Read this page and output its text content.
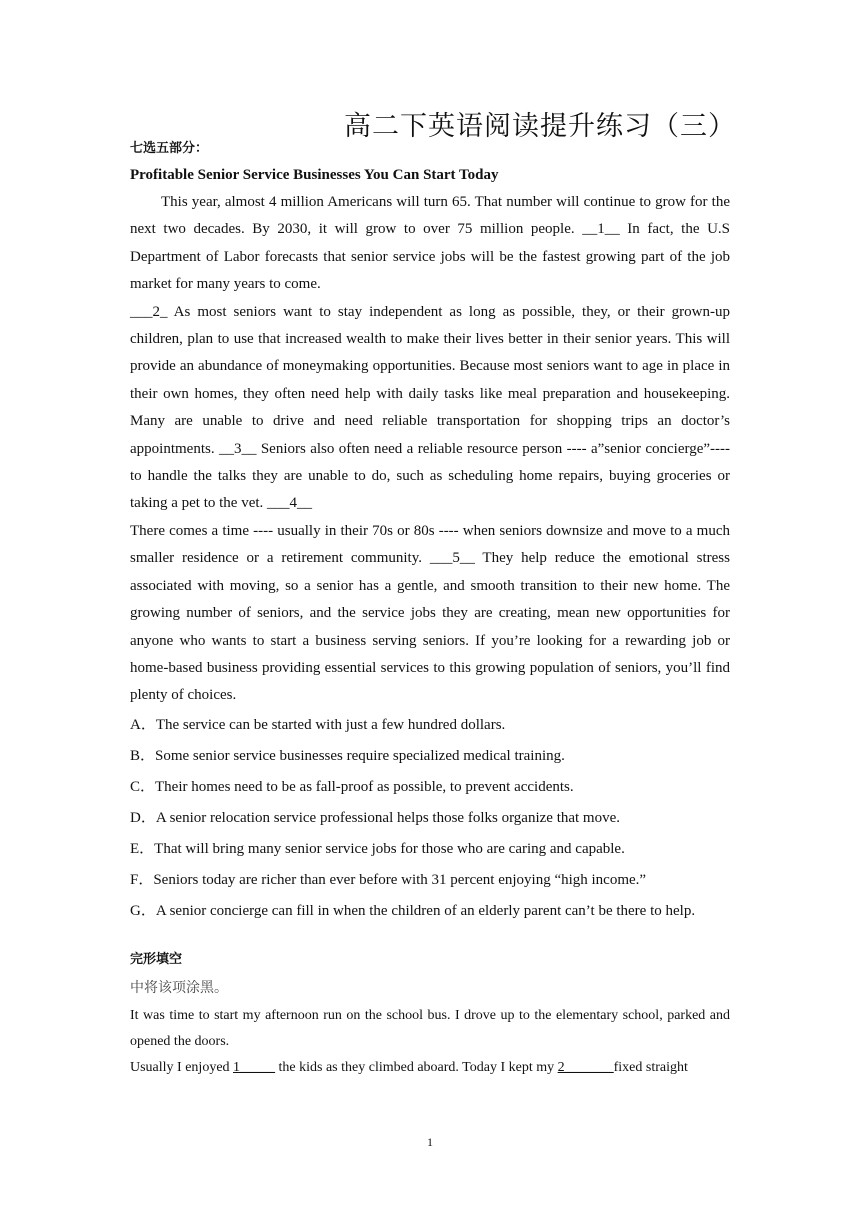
高二下英语阅读提升练习（三）

七选五部分：

Profitable Senior Service Businesses You Can Start Today

This year, almost 4 million Americans will turn 65. That number will continue to grow for the next two decades. By 2030, it will grow to over 75 million people. __1__ In fact, the U.S Department of Labor forecasts that senior service jobs will be the fastest growing part of the job market for many years to come.

___2_ As most seniors want to stay independent as long as possible, they, or their grown-up children, plan to use that increased wealth to make their lives better in their senior years. This will provide an abundance of moneymaking opportunities. Because most seniors want to age in place in their own homes, they often need help with daily tasks like meal preparation and housekeeping. Many are unable to drive and need reliable transportation for shopping trips an doctor’s appointments. __3__ Seniors also often need a reliable resource person ---- a”senior concierge”---- to handle the talks they are unable to do, such as scheduling home repairs, buying groceries or taking a pet to the vet. ___4__

There comes a time ---- usually in their 70s or 80s ---- when seniors downsize and move to a much smaller residence or a retirement community. ___5__ They help reduce the emotional stress associated with moving, so a senior has a gentle, and smooth transition to their new home. The growing number of seniors, and the service jobs they are creating, mean new opportunities for anyone who wants to start a business serving seniors. If you’re looking for a rewarding job or home-based business providing essential services to this growing population of seniors, you’ll find plenty of choices.

A．The service can be started with just a few hundred dollars.

B．Some senior service businesses require specialized medical training.

C．Their homes need to be as fall-proof as possible, to prevent accidents.

D．A senior relocation service professional helps those folks organize that move.

E．That will bring many senior service jobs for those who are caring and capable.

F．Seniors today are richer than ever before with 31 percent enjoying “high income.”

G．A senior concierge can fill in when the children of an elderly parent can’t be there to help.

完形填空

中将该项涂黑。

It was time to start my afternoon run on the school bus. I drove up to the elementary school, parked and opened the doors.

Usually I enjoyed 1_____ the kids as they climbed aboard. Today I kept my 2_______fixed straight

1
